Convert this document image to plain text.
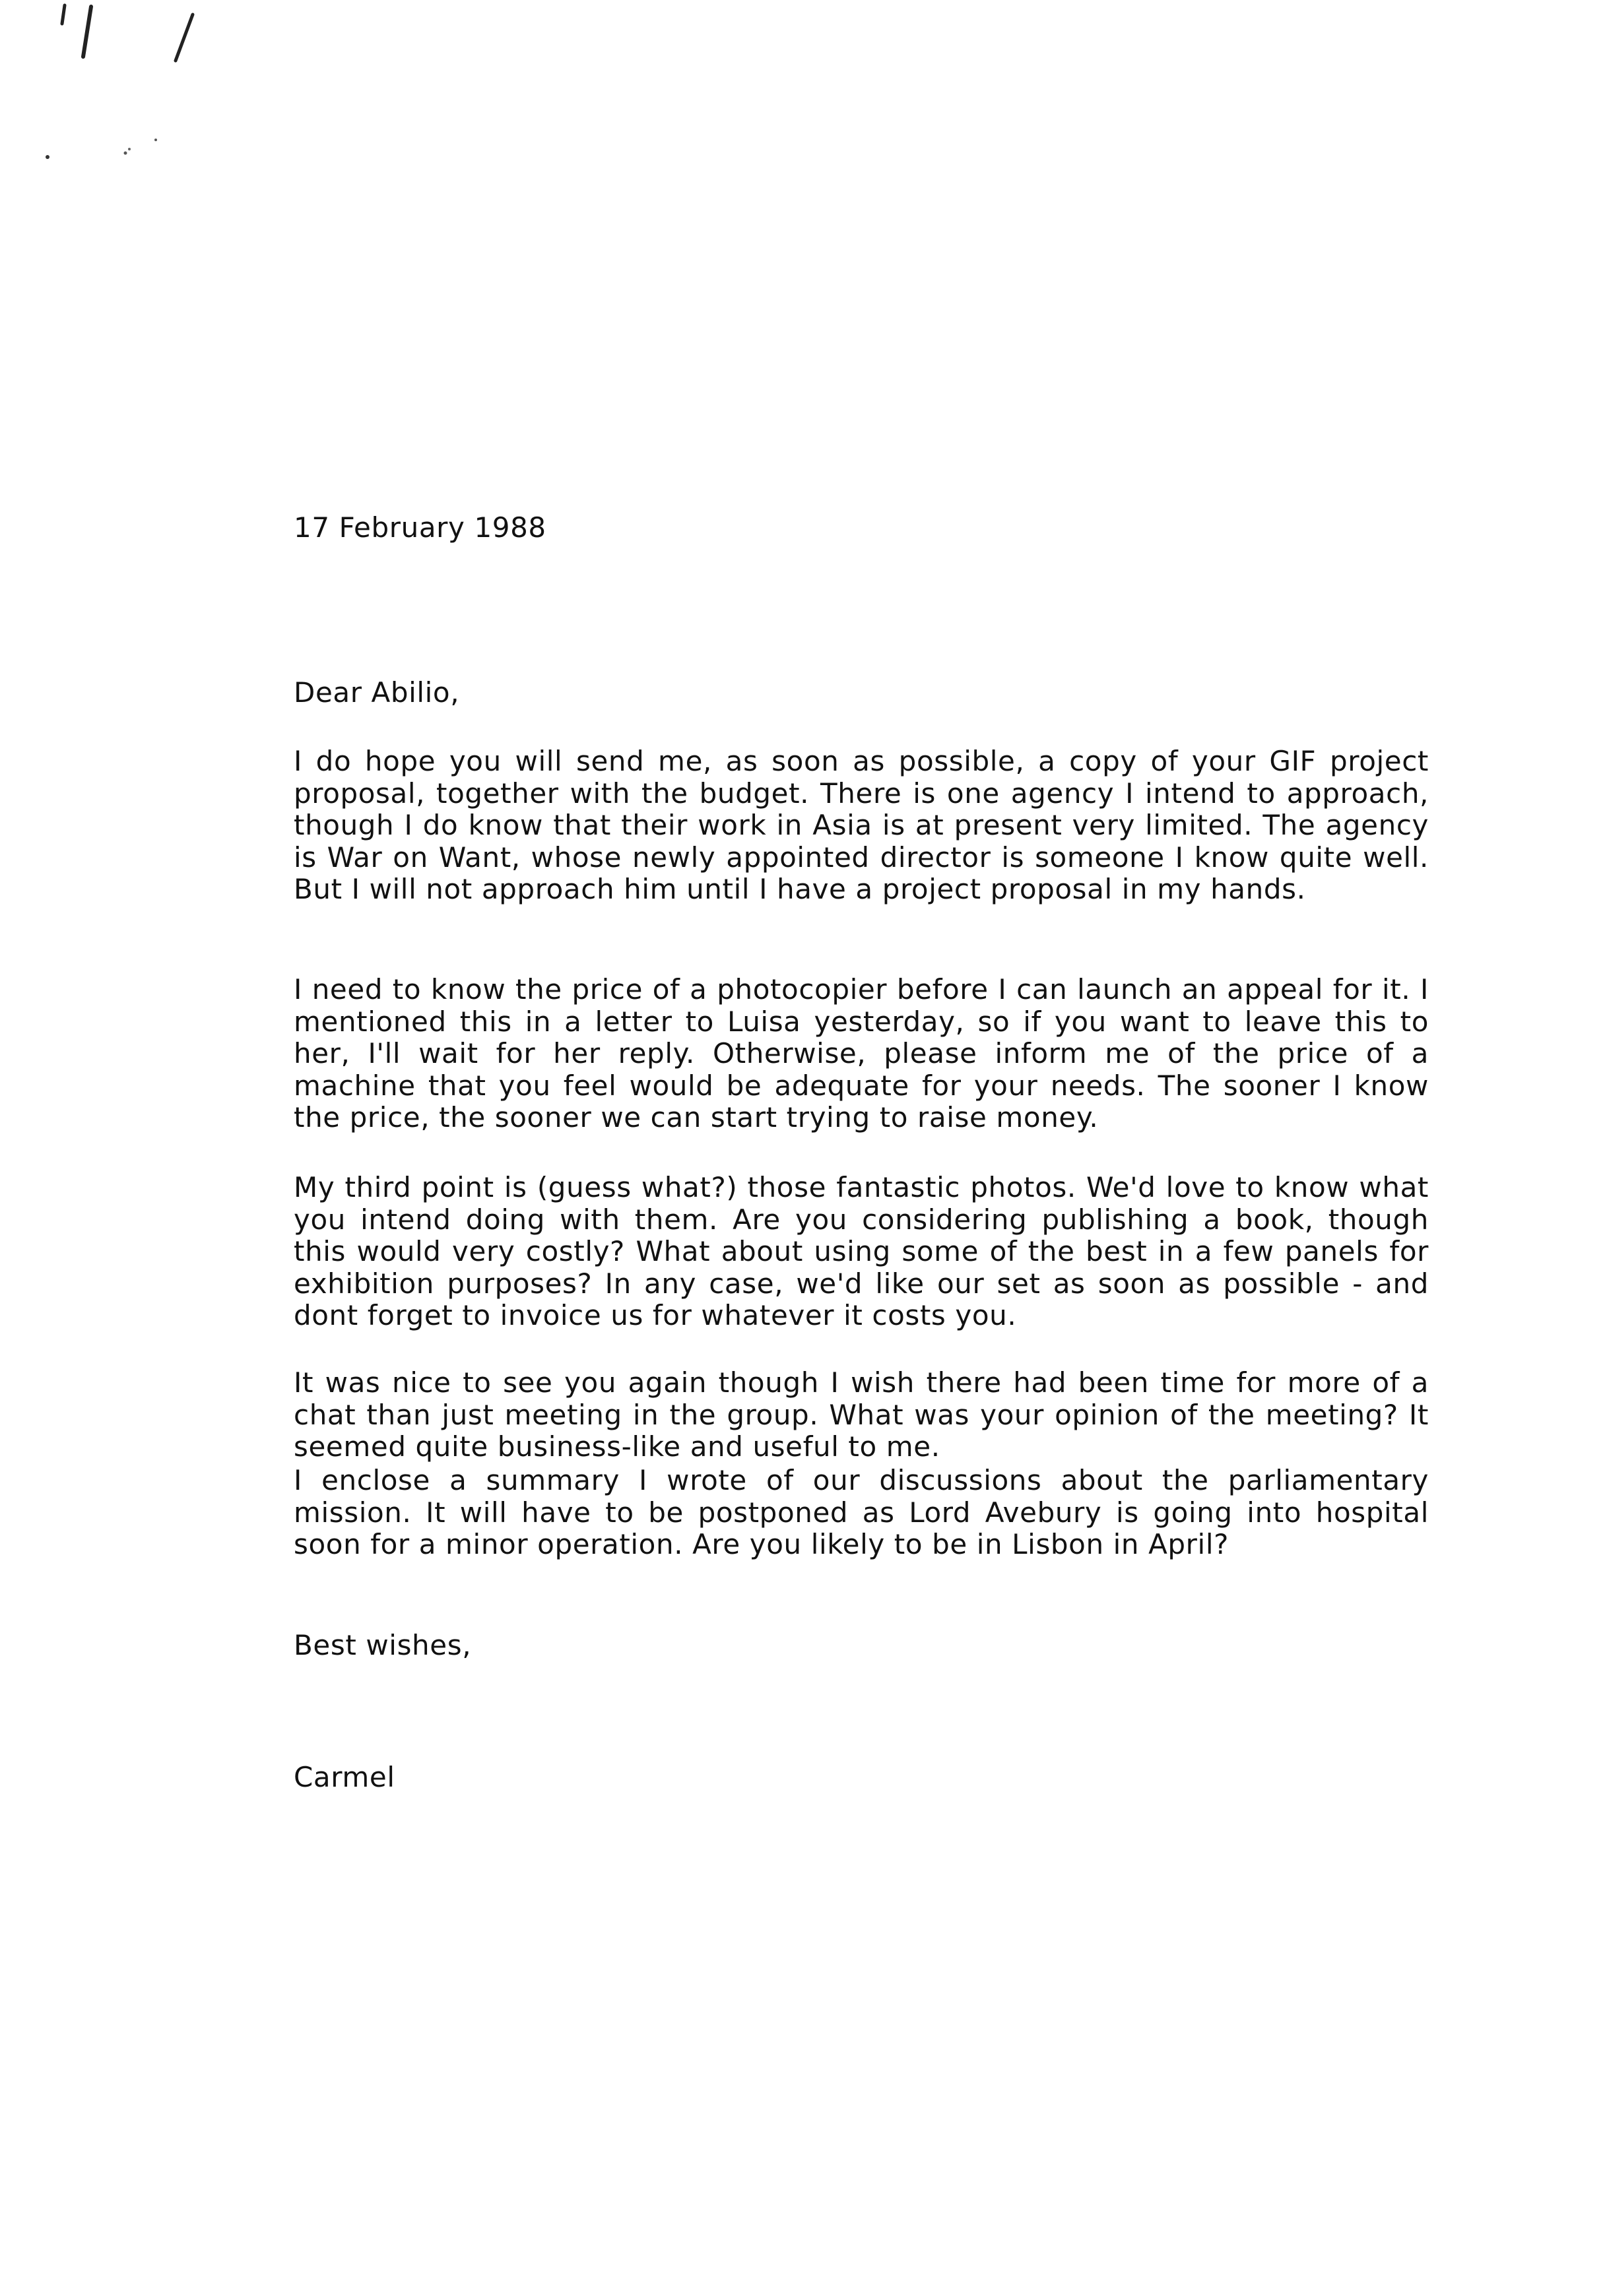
17 February 1988
Dear Abilio,

I do hope you will send me, as soon as possible, a copy of your GIF project proposal, together with the budget. There is one agency I intend to approach, though I do know that their work in Asia is at present very limited. The agency is War on Want, whose newly appointed director is someone I know quite well. But I will not approach him until I have a project proposal in my hands.

I need to know the price of a photocopier before I can launch an appeal for it. I mentioned this in a letter to Luisa yesterday, so if you want to leave this to her, I'll wait for her reply. Otherwise, please inform me of the price of a machine that you feel would be adequate for your needs. The sooner I know the price, the sooner we can start trying to raise money.

My third point is (guess what?) those fantastic photos. We'd love to know what you intend doing with them. Are you considering publishing a book, though this would very costly? What about using some of the best in a few panels for exhibition purposes? In any case, we'd like our set as soon as possible - and dont forget to invoice us for whatever it costs you.

It was nice to see you again though I wish there had been time for more of a chat than just meeting in the group. What was your opinion of the meeting? It seemed quite business-like and useful to me.

I enclose a summary I wrote of our discussions about the parliamentary mission. It will have to be postponed as Lord Avebury is going into hospital soon for a minor operation. Are you likely to be in Lisbon in April?

Best wishes,
Carmel
